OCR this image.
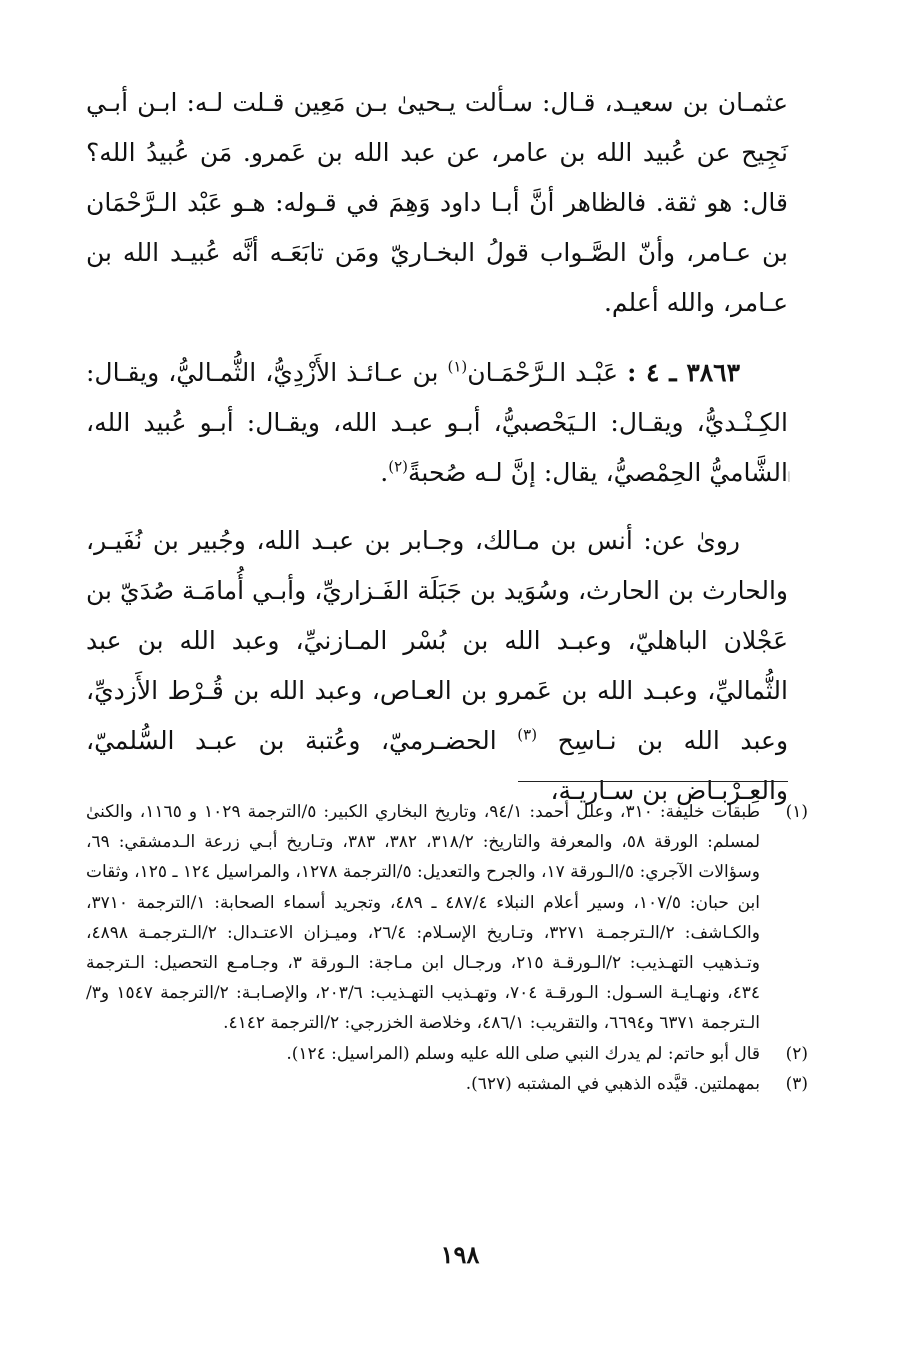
عثمـان بن سعيـد، قـال: سـألت يـحيىٰ بـن مَعِين قـلت لـه: ابـن أبـي نَجِيح عن عُبيد الله بن عامر، عن عبد الله بن عَمرو. مَن عُبيدُ الله؟ قال: هو ثقة. فالظاهر أنَّ أبـا داود وَهِمَ في قـوله: هـو عَبْد الـرَّحْمَان بن عـامر، وأنّ الصَّـواب قولُ البخـاريّ ومَن تابَعَـه أنَّه عُبيـد الله بن عـامر، والله أعلم.

٣٨٦٣ ـ ٤ : عَبْـد الـرَّحْمَـان$^{(١)}$ بن عـائـذ الأَزْدِيُّ، الثُّمـاليُّ، ويقـال: الكِـنْـديُّ، ويقـال: الـيَحْصبيُّ، أبـو عبـد الله، ويقـال: أبـو عُبيد الله، الشَّاميُّ الحِمْصيُّ، يقال: إنَّ لـه صُحبةً$^{(٢)}$.

روىٰ عن: أنس بن مـالك، وجـابر بن عبـد الله، وجُبير بن نُفَيـر، والحارث بن الحارث، وسُوَيد بن جَبَلَة الفَـزاريِّ، وأبـي أُمامَـة صُدَيّ بن عَجْلان الباهليّ، وعبـد الله بن بُسْر المـازنيِّ، وعبد الله بن عبد الثُّماليِّ، وعبـد الله بن عَمرو بن العـاص، وعبد الله بن قُـرْط الأَزديِّ، وعبد الله بن نـاسِح $^{(٣)}$ الحضـرميّ، وعُتبة بن عبـد السُّلميّ، والعِـرْبـاض بن سـاريـة،

(١)
طبقات خليفة: ٣١٠، وعلل أحمد: ٩٤/١، وتاريخ البخاري الكبير: ٥/الترجمة ١٠٢٩ و ١١٦٥، والكنىٰ لمسلم: الورقة ٥٨، والمعرفة والتاريخ: ٣١٨/٢، ٣٨٢، ٣٨٣، وتـاريخ أبـي زرعة الـدمشقي: ٦٩، وسؤالات الآجري: ٥/الـورقة ١٧، والجرح والتعديل: ٥/الترجمة ١٢٧٨، والمراسيل ١٢٤ ـ ١٢٥، وثقات ابن حبان: ١٠٧/٥، وسير أعلام النبلاء ٤٨٧/٤ ـ ٤٨٩، وتجريد أسماء الصحابة: ١/الترجمة ٣٧١٠، والكـاشف: ٢/الـترجمـة ٣٢٧١، وتـاريخ الإسـلام: ٢٦/٤، وميـزان الاعتـدال: ٢/الـترجمـة ٤٨٩٨، وتـذهيب التهـذيب: ٢/الـورقـة ٢١٥، ورجـال ابن مـاجة: الـورقة ٣، وجـامـع التحصيل: الـترجمة ٤٣٤، ونهـايـة السـول: الـورقـة ٧٠٤، وتهـذيب التهـذيب: ٢٠٣/٦، والإصـابـة: ٢/الترجمة ١٥٤٧ و٣/الـترجمة ٦٣٧١ و٦٦٩٤، والتقريب: ٤٨٦/١، وخلاصة الخزرجي: ٢/الترجمة ٤١٤٢.
(٢)
قال أبو حاتم: لم يدرك النبي صلى الله عليه وسلم (المراسيل: ١٢٤).
(٣)
بمهملتين. قيَّده الذهبي في المشتبه (٦٢٧).
١٩٨
ا
